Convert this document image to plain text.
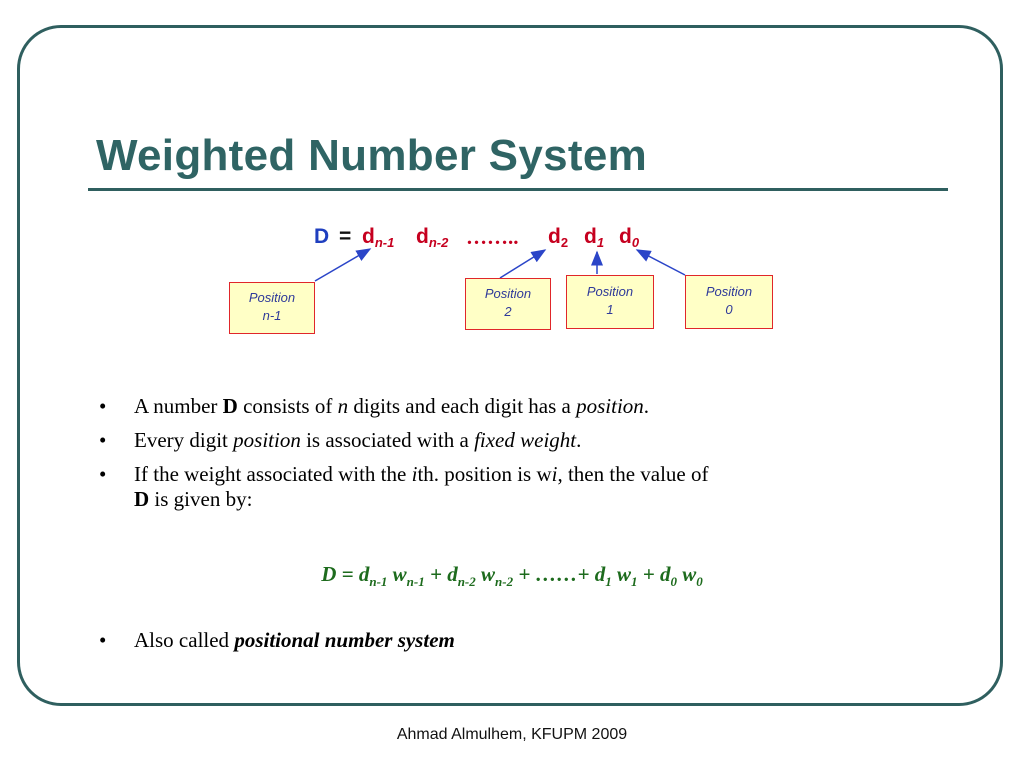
Weighted Number System
$D = d_{n-1}$ $d_{n-2}$ …….. $d_2$ $d_1$ $d_0$
Position
n-1
Position
2
Position
1
Position
0
• A number D consists of n digits and each digit has a position.
• Every digit position is associated with a fixed weight.
• If the weight associated with the ith. position is wi, then the value of
D is given by:
$D = d_{n-1}$ $w_{n-1} + d_{n-2}$ $w_{n-2}$ + ……+ $d_1$ $w_1 + d_0$ $w_0$
• Also called positional number system
Ahmad Almulhem, KFUPM 2009
